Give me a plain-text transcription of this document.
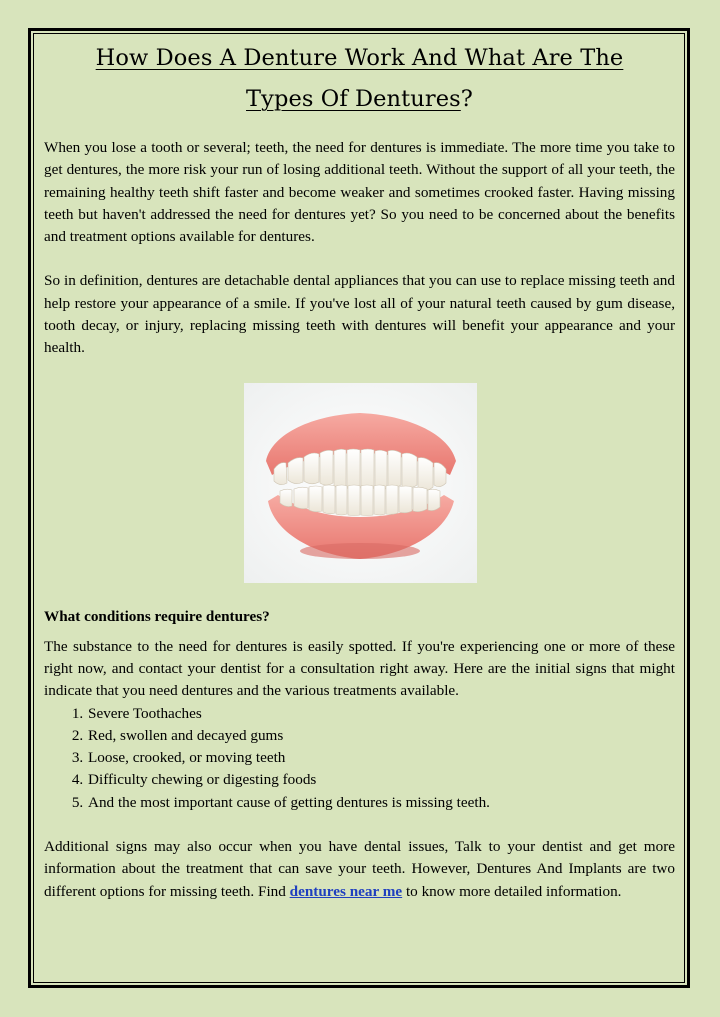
How Does A Denture Work And What Are The
Types Of Dentures?

When you lose a tooth or several; teeth, the need for dentures is immediate. The more time you take to get dentures, the more risk your run of losing additional teeth. Without the support of all your teeth, the remaining healthy teeth shift faster and become weaker and sometimes crooked faster. Having missing teeth but haven't addressed the need for dentures yet? So you need to be concerned about the benefits and treatment options available for dentures.

So in definition, dentures are detachable dental appliances that you can use to replace missing teeth and help restore your appearance of a smile. If you've lost all of your natural teeth caused by gum disease, tooth decay, or injury, replacing missing teeth with dentures will benefit your appearance and your health.

What conditions require dentures?

The substance to the need for dentures is easily spotted. If you're experiencing one or more of these right now, and contact your dentist for a consultation right away. Here are the initial signs that might indicate that you need dentures and the various treatments available.

1. Severe Toothaches
2. Red, swollen and decayed gums
3. Loose, crooked, or moving teeth
4. Difficulty chewing or digesting foods
5. And the most important cause of getting dentures is missing teeth.

Additional signs may also occur when you have dental issues, Talk to your dentist and get more information about the treatment that can save your teeth. However, Dentures And Implants are two different options for missing teeth. Find dentures near me to know more detailed information.
